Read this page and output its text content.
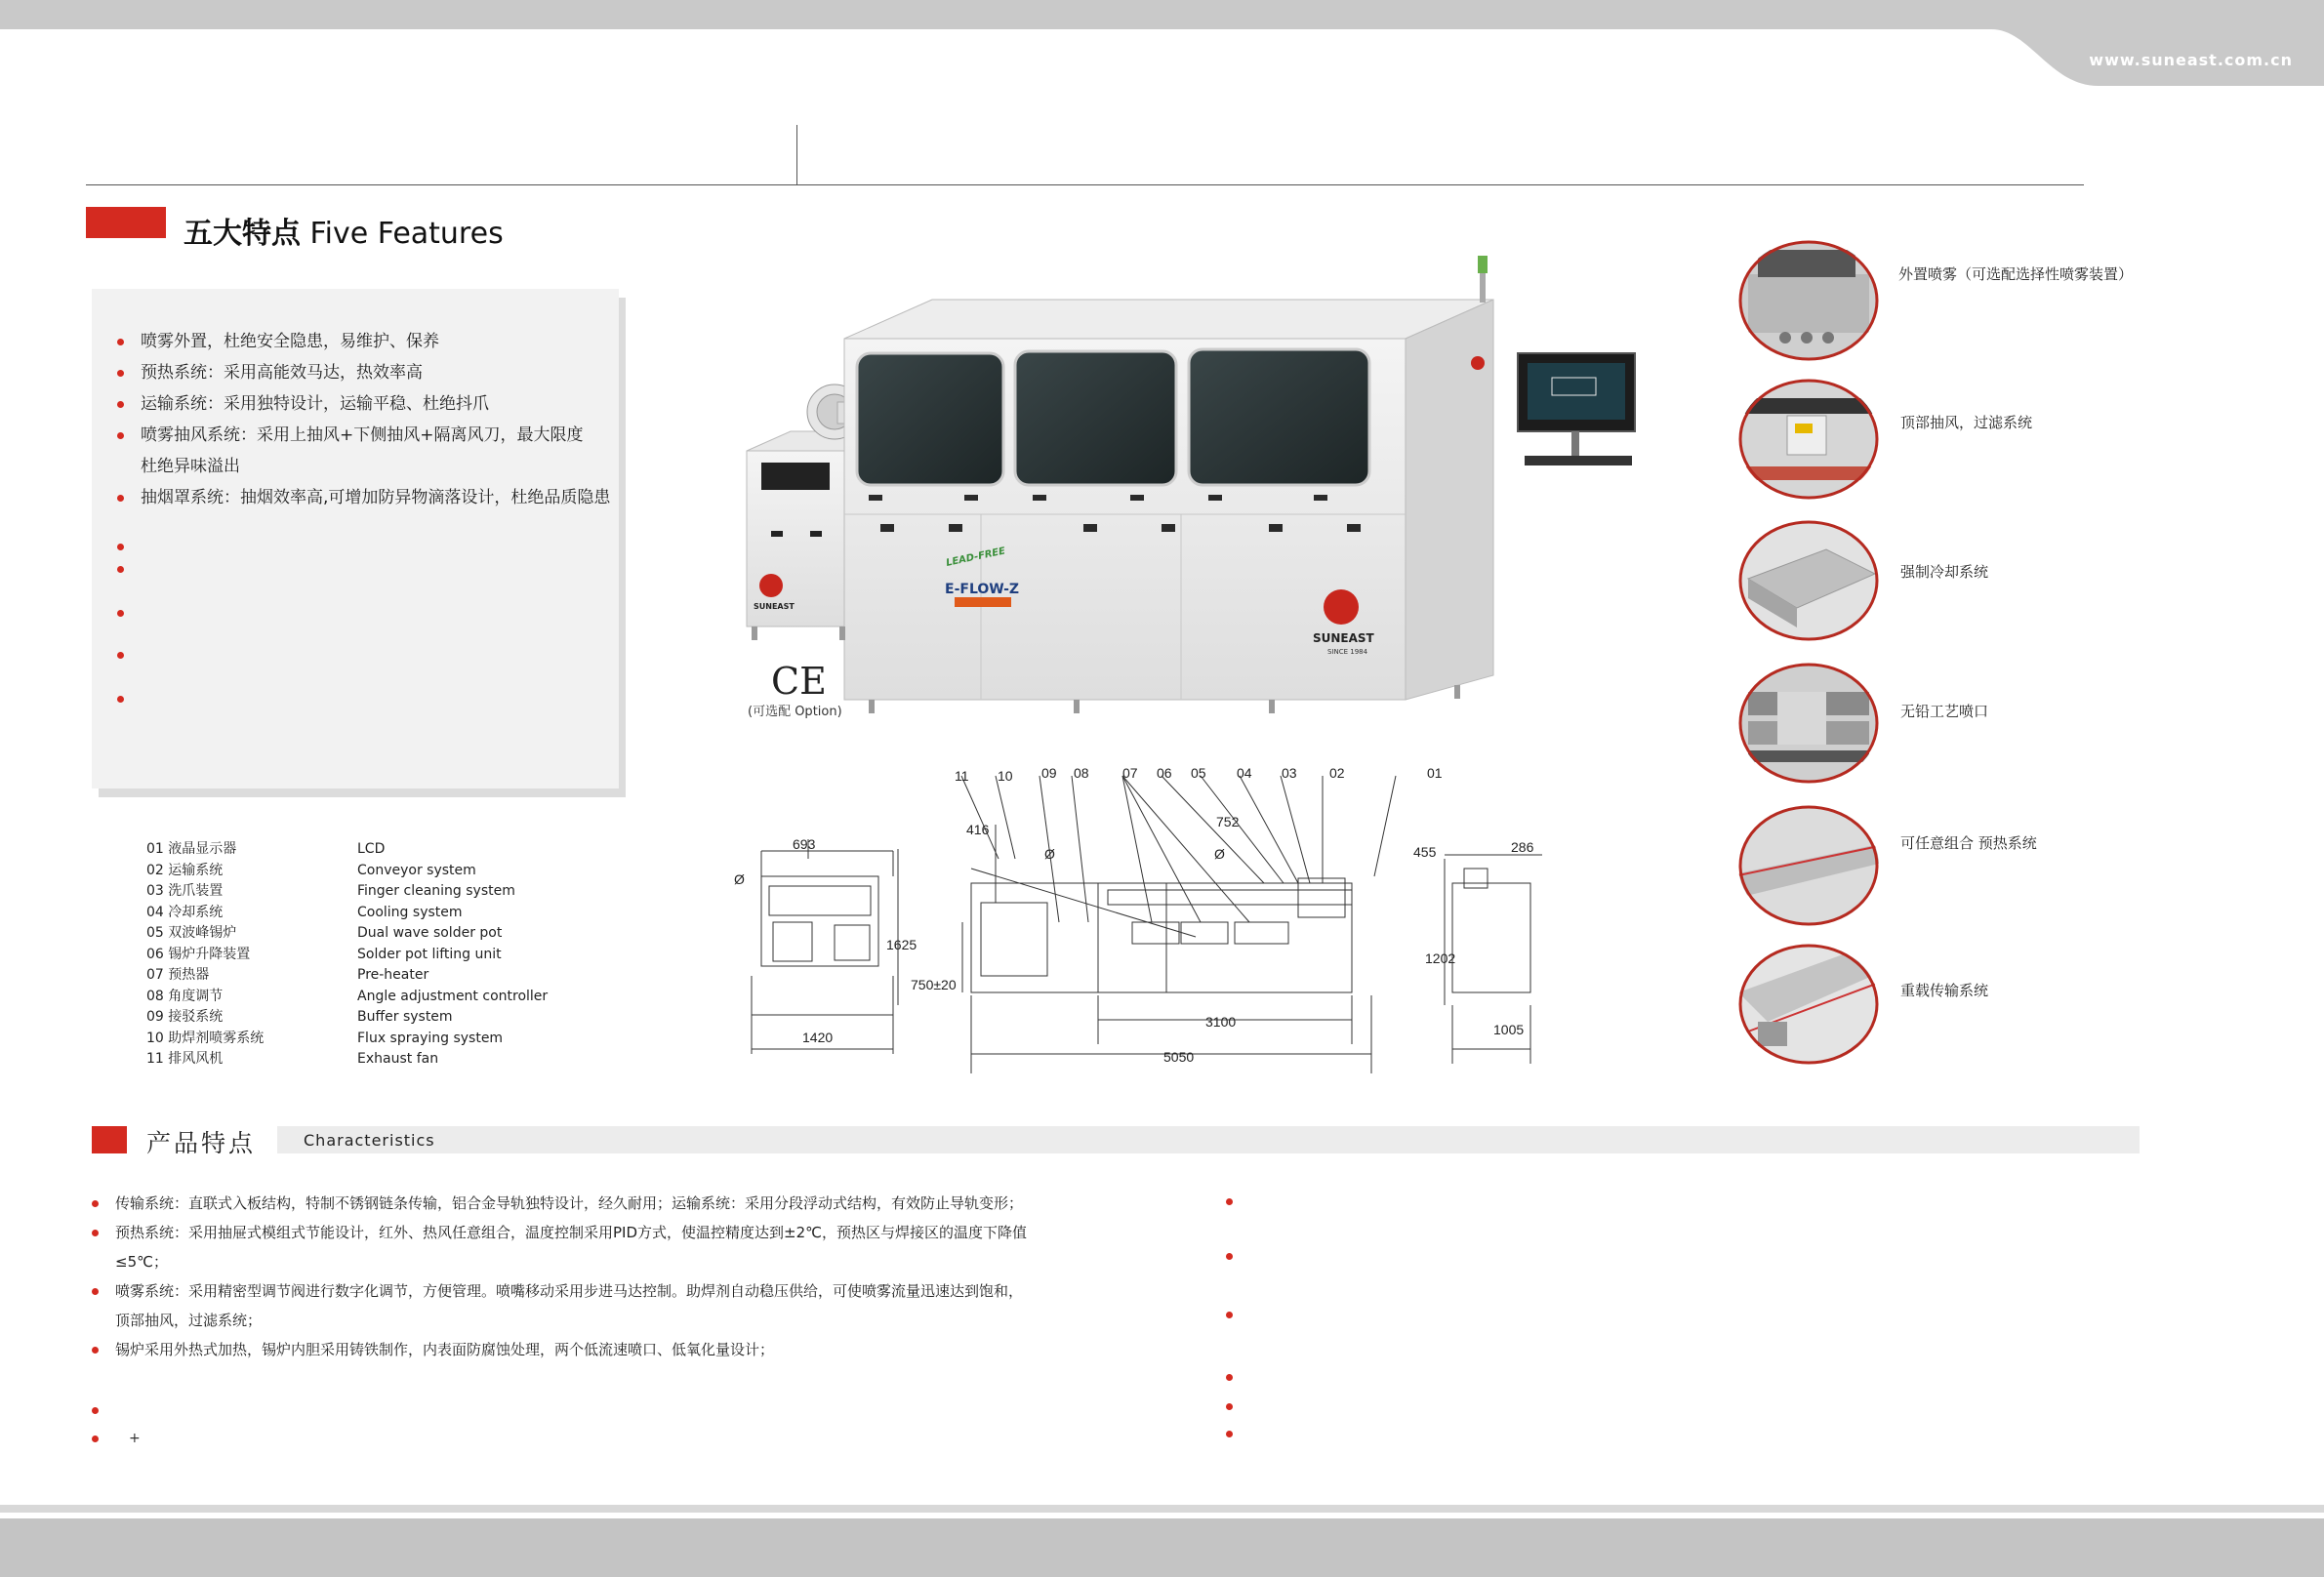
www.suneast.com.cn
五大特点 Five Features
喷雾外置，杜绝安全隐患，易维护、保养
预热系统：采用高能效马达，热效率高
运输系统：采用独特设计，运输平稳、杜绝抖爪
喷雾抽风系统：采用上抽风+下侧抽风+隔离风刀，最大限度杜绝异味溢出
抽烟罩系统：抽烟效率高,可增加防异物滴落设计，杜绝品质隐患
SUNEAST
LEAD-FREE
E-FLOW-Z
SUNEAST
SINCE 1984
CE
(可选配 Option)
01 液晶显示器	LCD
02 运输系统	Conveyor system
03 洗爪装置	Finger cleaning system
04 冷却系统	Cooling system
05 双波峰锡炉	Dual wave solder pot
06 锡炉升降装置	Solder pot lifting unit
07 预热器	Pre-heater
08 角度调节	Angle adjustment controller
09 接驳系统	Buffer system
10 助焊剂喷雾系统	Flux spraying system
11 排风风机	Exhaust fan
11 10 09 08 07 06 05 04 03 02	01
693
Ø
1625
1420
416
Ø
750±20
752
Ø
3100
5050
455	286
1202
1005
外置喷雾（可选配选择性喷雾装置）
顶部抽风，过滤系统
强制冷却系统
无铅工艺喷口
可任意组合 预热系统
重载传输系统
产品特点	Characteristics
传输系统：直联式入板结构，特制不锈钢链条传输，铝合金导轨独特设计，经久耐用；运输系统：采用分段浮动式结构，有效防止导轨变形；
预热系统：采用抽屉式模组式节能设计，红外、热风任意组合，温度控制采用PID方式，使温控精度达到±2℃，预热区与焊接区的温度下降值≤5℃；
喷雾系统：采用精密型调节阀进行数字化调节，方便管理。喷嘴移动采用步进马达控制。助焊剂自动稳压供给，可使喷雾流量迅速达到饱和，顶部抽风，过滤系统；
锡炉采用外热式加热，锡炉内胆采用铸铁制作，内表面防腐蚀处理，两个低流速喷口、低氧化量设计；
+
